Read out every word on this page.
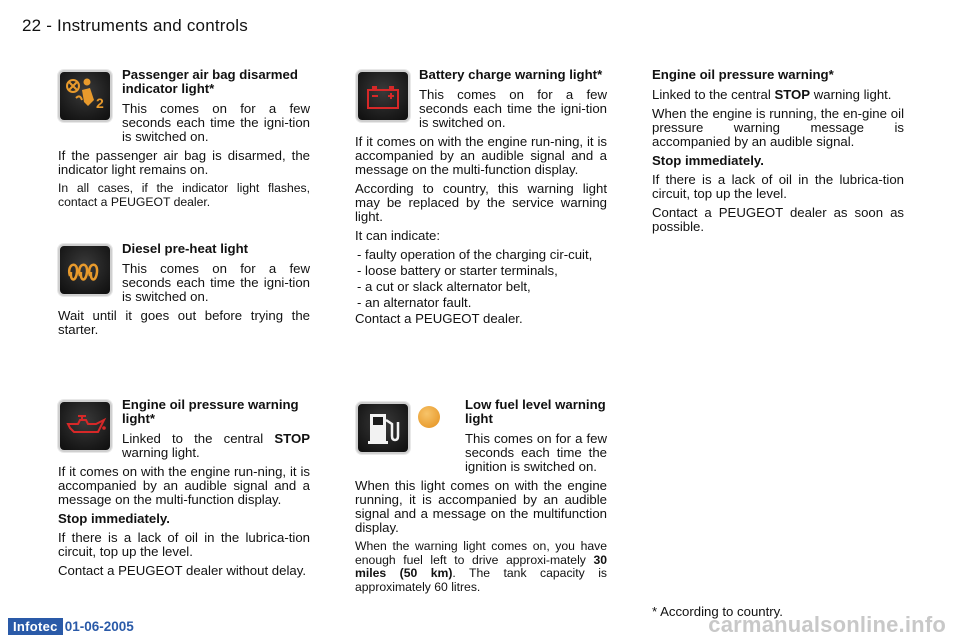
22 - Instruments and controls
2

Passenger air bag disarmed indicator light*

This comes on for a few seconds each time the igni-tion is switched on.

If the passenger air bag is disarmed, the indicator light remains on.

In all cases, if the indicator light flashes, contact a PEUGEOT dealer.

Diesel pre-heat light

This comes on for a few seconds each time the igni-tion is switched on.

Wait until it goes out before trying the starter.

Engine oil pressure warning light*

Linked to the central STOP warning light.

If it comes on with the engine run-ning, it is accompanied by an audible signal and a message on the multi-function display.

Stop immediately.

If there is a lack of oil in the lubrica-tion circuit, top up the level.

Contact a PEUGEOT dealer without delay.

Battery charge warning light*

This comes on for a few seconds each time the igni-tion is switched on.

If it comes on with the engine run-ning, it is accompanied by an audible signal and a message on the multi-function display.

According to country, this warning light may be replaced by the service warning light.

It can indicate:

- faulty operation of the charging cir-cuit,
- loose battery or starter terminals,
- a cut or slack alternator belt,
- an alternator fault.

Contact a PEUGEOT dealer.

Low fuel level warning light

This comes on for a few seconds each time the ignition is switched on.

When this light comes on with the engine running, it is accompanied by an audible signal and a message on the multifunction display.

When the warning light comes on, you have enough fuel left to drive approxi-mately 30 miles (50 km). The tank capacity is approximately 60 litres.

Engine oil pressure warning*

Linked to the central STOP warning light.

When the engine is running, the en-gine oil pressure warning message is accompanied by an audible signal.

Stop immediately.

If there is a lack of oil in the lubrica-tion circuit, top up the level.

Contact a PEUGEOT dealer as soon as possible.

* According to country.
Infotec 01-06-2005	carmanualsonline.info
